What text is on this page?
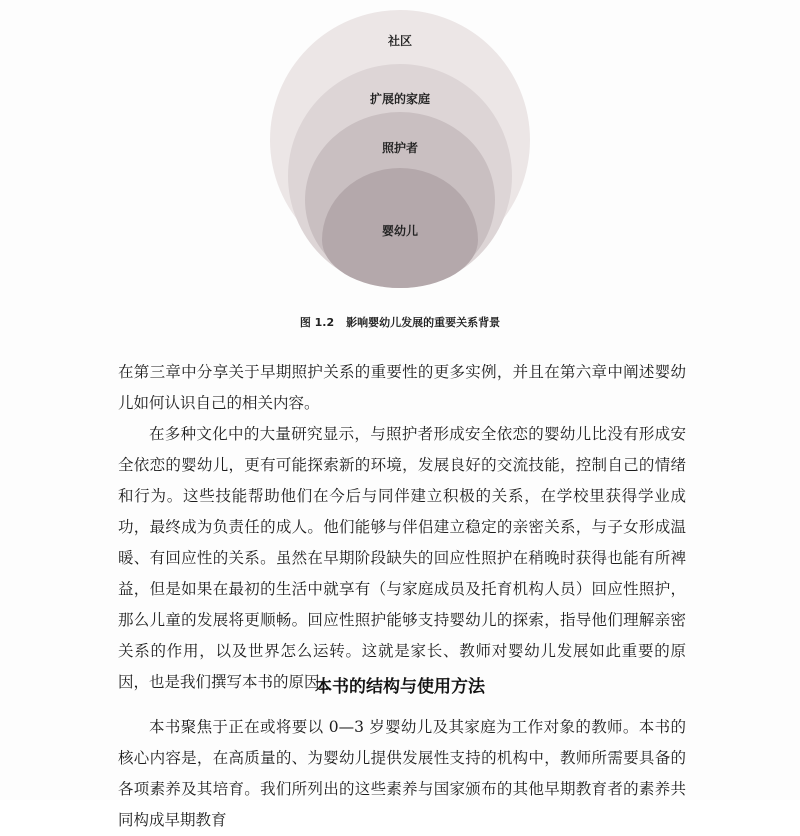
社区
扩展的家庭
照护者
婴幼儿
图 1.2 影响婴幼儿发展的重要关系背景

在第三章中分享关于早期照护关系的重要性的更多实例，并且在第六章中阐述婴幼儿如何认识自己的相关内容。

在多种文化中的大量研究显示，与照护者形成安全依恋的婴幼儿比没有形成安全依恋的婴幼儿，更有可能探索新的环境，发展良好的交流技能，控制自己的情绪和行为。这些技能帮助他们在今后与同伴建立积极的关系，在学校里获得学业成功，最终成为负责任的成人。他们能够与伴侣建立稳定的亲密关系，与子女形成温暖、有回应性的关系。虽然在早期阶段缺失的回应性照护在稍晚时获得也能有所裨益，但是如果在最初的生活中就享有（与家庭成员及托育机构人员）回应性照护，那么儿童的发展将更顺畅。回应性照护能够支持婴幼儿的探索，指导他们理解亲密关系的作用，以及世界怎么运转。这就是家长、教师对婴幼儿发展如此重要的原因，也是我们撰写本书的原因。

本书的结构与使用方法

本书聚焦于正在或将要以 0—3 岁婴幼儿及其家庭为工作对象的教师。本书的核心内容是，在高质量的、为婴幼儿提供发展性支持的机构中，教师所需要具备的各项素养及其培育。我们所列出的这些素养与国家颁布的其他早期教育者的素养共同构成早期教育
